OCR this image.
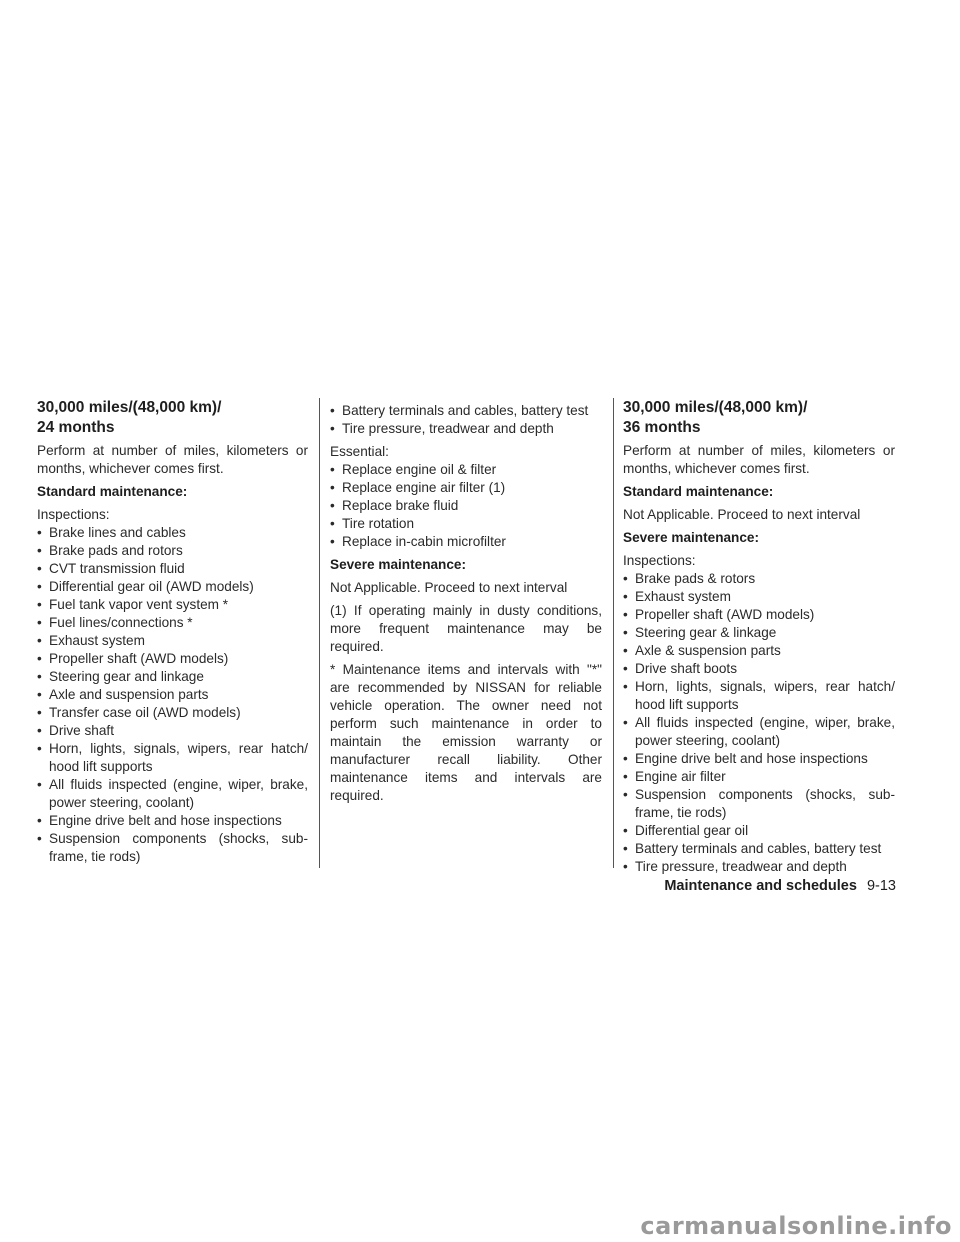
30,000 miles/(48,000 km)/
24 months

Perform at number of miles, kilometers or months, whichever comes first.

Standard maintenance:

Inspections:

• Brake lines and cables
• Brake pads and rotors
• CVT transmission fluid
• Differential gear oil (AWD models)
• Fuel tank vapor vent system *
• Fuel lines/connections *
• Exhaust system
• Propeller shaft (AWD models)
• Steering gear and linkage
• Axle and suspension parts
• Transfer case oil (AWD models)
• Drive shaft
• Horn, lights, signals, wipers, rear hatch/ hood lift supports
• All fluids inspected (engine, wiper, brake, power steering, coolant)
• Engine drive belt and hose inspections
• Suspension components (shocks, sub-frame, tie rods)
• Battery terminals and cables, battery test
• Tire pressure, treadwear and depth

Essential:

• Replace engine oil & filter
• Replace engine air filter (1)
• Replace brake fluid
• Tire rotation
• Replace in-cabin microfilter

Severe maintenance:

Not Applicable. Proceed to next interval

(1) If operating mainly in dusty conditions, more frequent maintenance may be required.

* Maintenance items and intervals with "*" are recommended by NISSAN for reliable vehicle operation. The owner need not perform such maintenance in order to maintain the emission warranty or manufacturer recall liability. Other maintenance items and intervals are required.

30,000 miles/(48,000 km)/
36 months

Perform at number of miles, kilometers or months, whichever comes first.

Standard maintenance:

Not Applicable. Proceed to next interval

Severe maintenance:

Inspections:

• Brake pads & rotors
• Exhaust system
• Propeller shaft (AWD models)
• Steering gear & linkage
• Axle & suspension parts
• Drive shaft boots
• Horn, lights, signals, wipers, rear hatch/ hood lift supports
• All fluids inspected (engine, wiper, brake, power steering, coolant)
• Engine drive belt and hose inspections
• Engine air filter
• Suspension components (shocks, sub-frame, tie rods)
• Differential gear oil
• Battery terminals and cables, battery test
• Tire pressure, treadwear and depth
Maintenance and schedules 9-13
carmanualsonline.info
